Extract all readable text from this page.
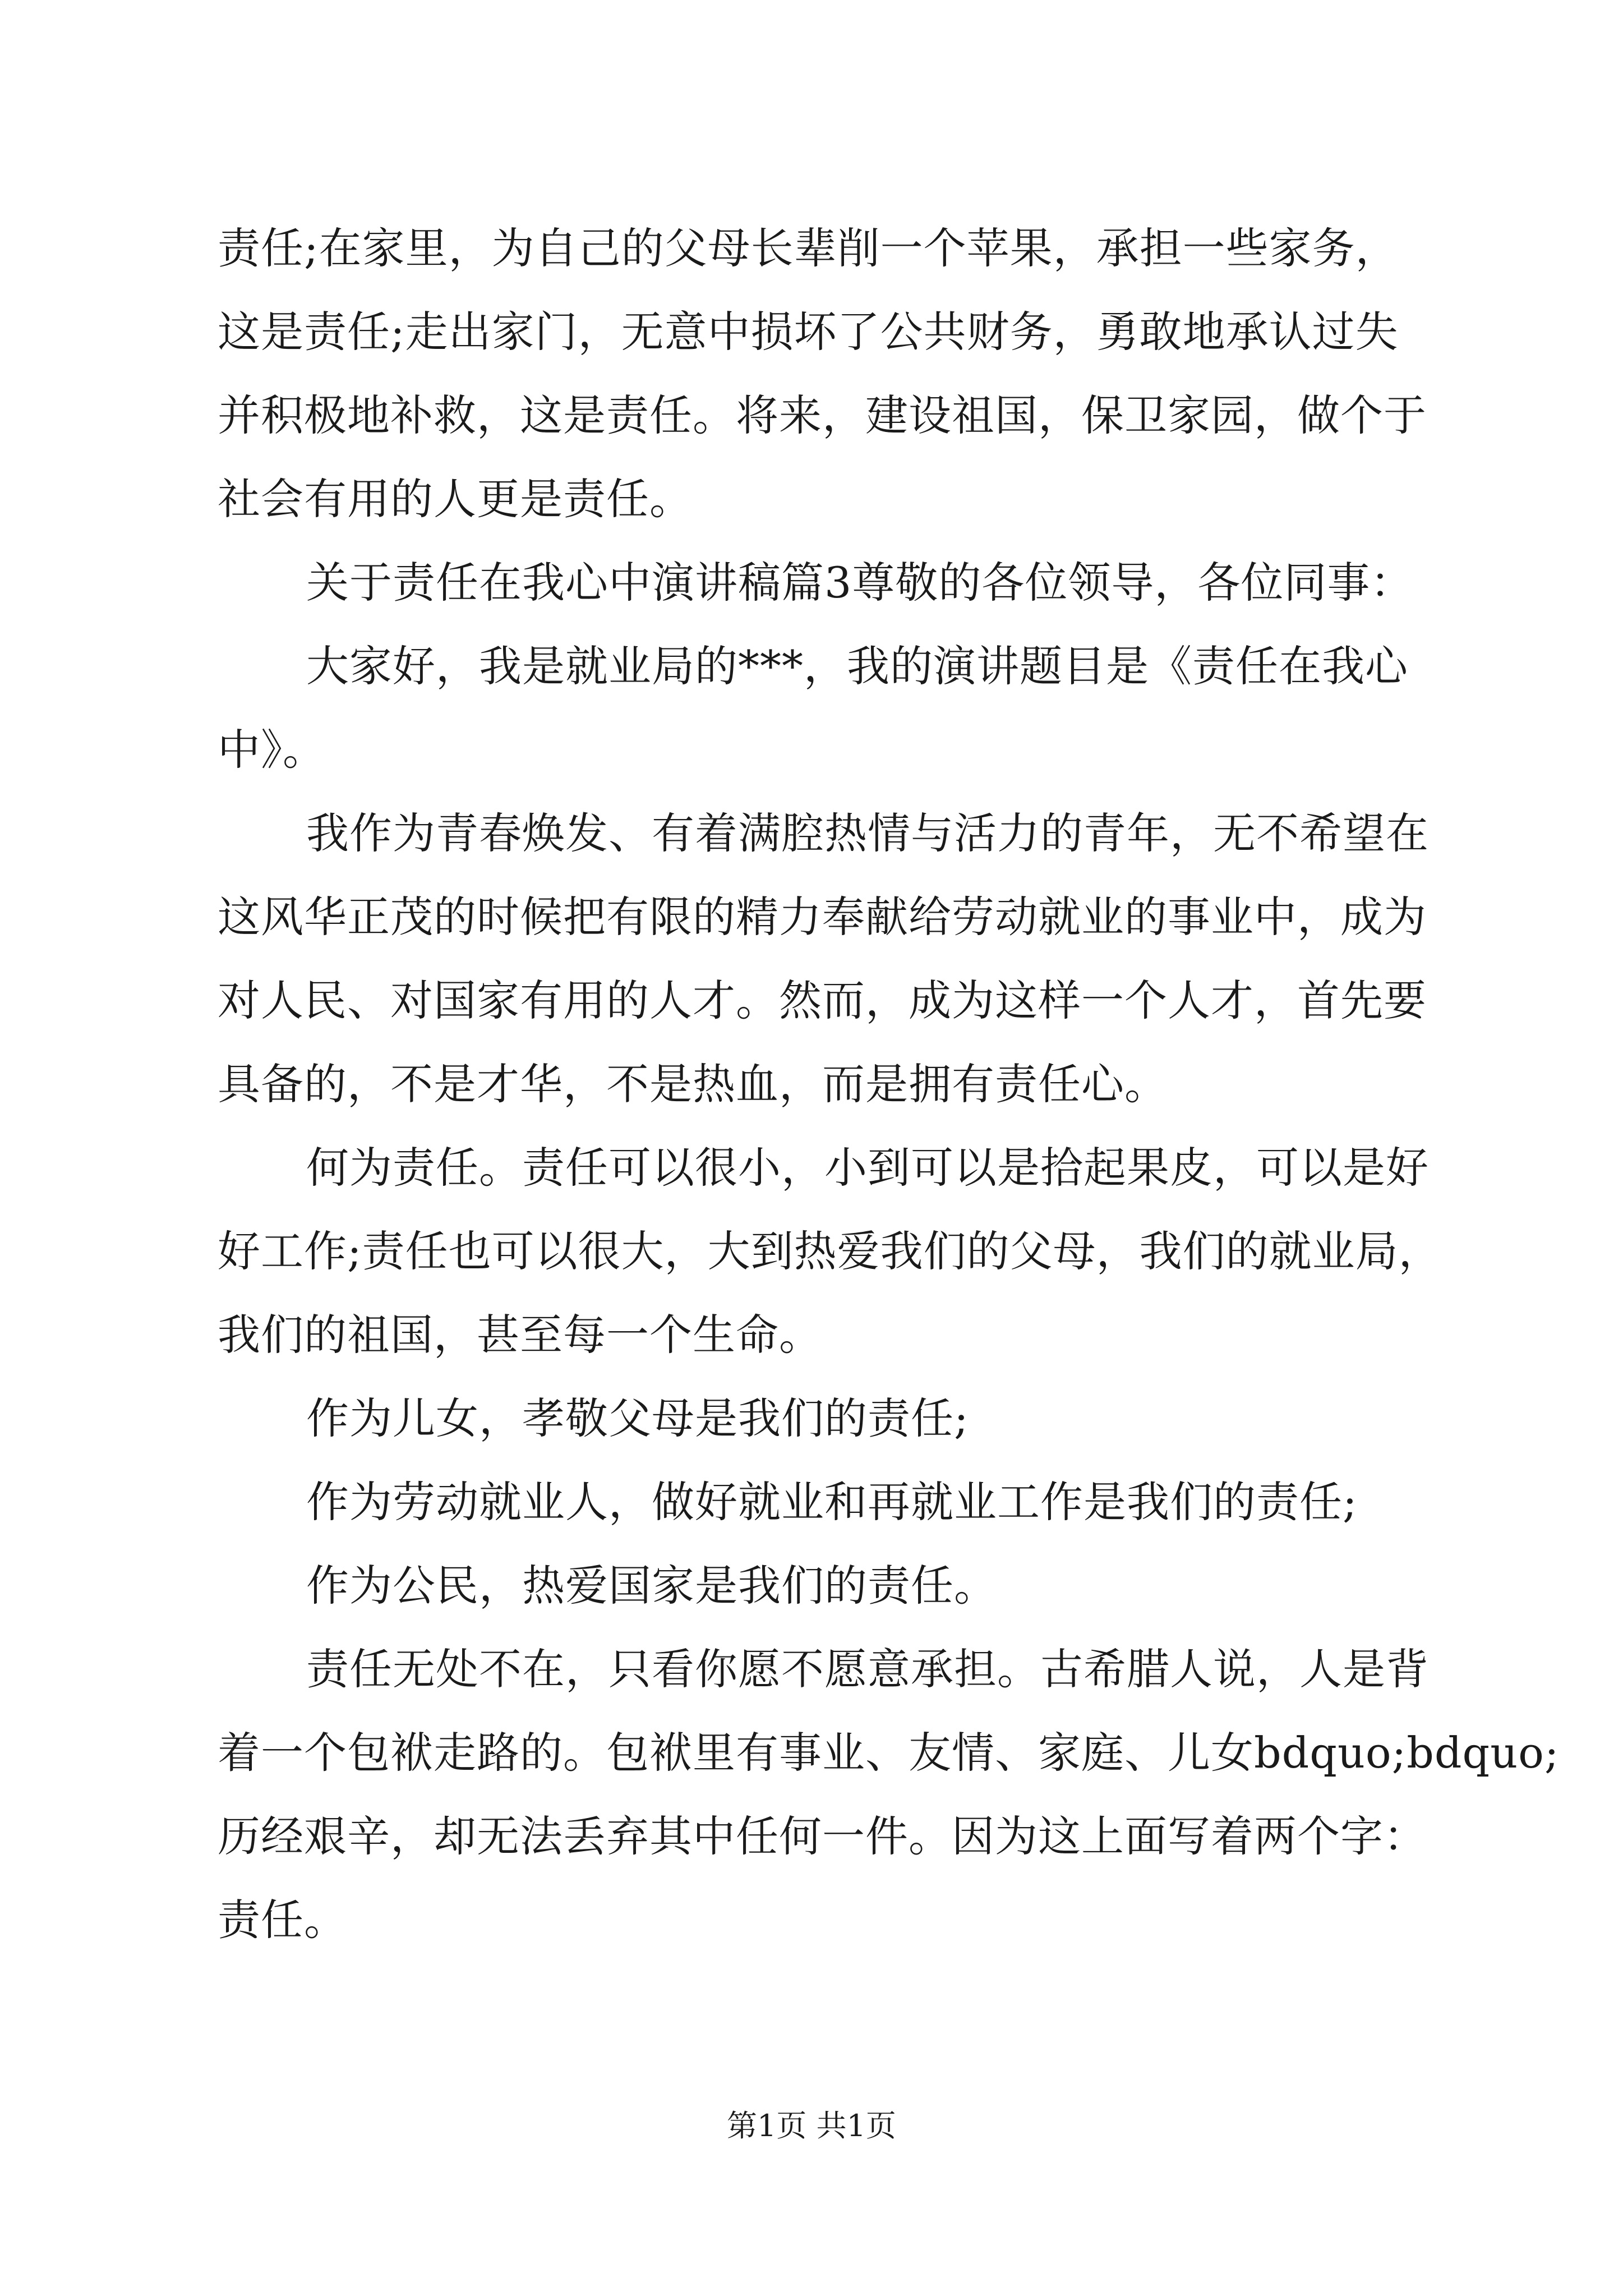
责任;在家里，为自己的父母长辈削一个苹果，承担一些家务，
这是责任;走出家门，无意中损坏了公共财务，勇敢地承认过失
并积极地补救，这是责任。将来，建设祖国，保卫家园，做个于
社会有用的人更是责任。
关于责任在我心中演讲稿篇3尊敬的各位领导，各位同事：
大家好，我是就业局的***，我的演讲题目是《责任在我心
中》。
我作为青春焕发、有着满腔热情与活力的青年，无不希望在
这风华正茂的时候把有限的精力奉献给劳动就业的事业中，成为
对人民、对国家有用的人才。然而，成为这样一个人才，首先要
具备的，不是才华，不是热血，而是拥有责任心。
何为责任。责任可以很小，小到可以是拾起果皮，可以是好
好工作;责任也可以很大，大到热爱我们的父母，我们的就业局，
我们的祖国，甚至每一个生命。
作为儿女，孝敬父母是我们的责任;
作为劳动就业人，做好就业和再就业工作是我们的责任;
作为公民，热爱国家是我们的责任。
责任无处不在，只看你愿不愿意承担。古希腊人说，人是背
着一个包袱走路的。包袱里有事业、友情、家庭、儿女bdquo;bdquo;
历经艰辛，却无法丢弃其中任何一件。因为这上面写着两个字：
责任。
第1页 共1页
